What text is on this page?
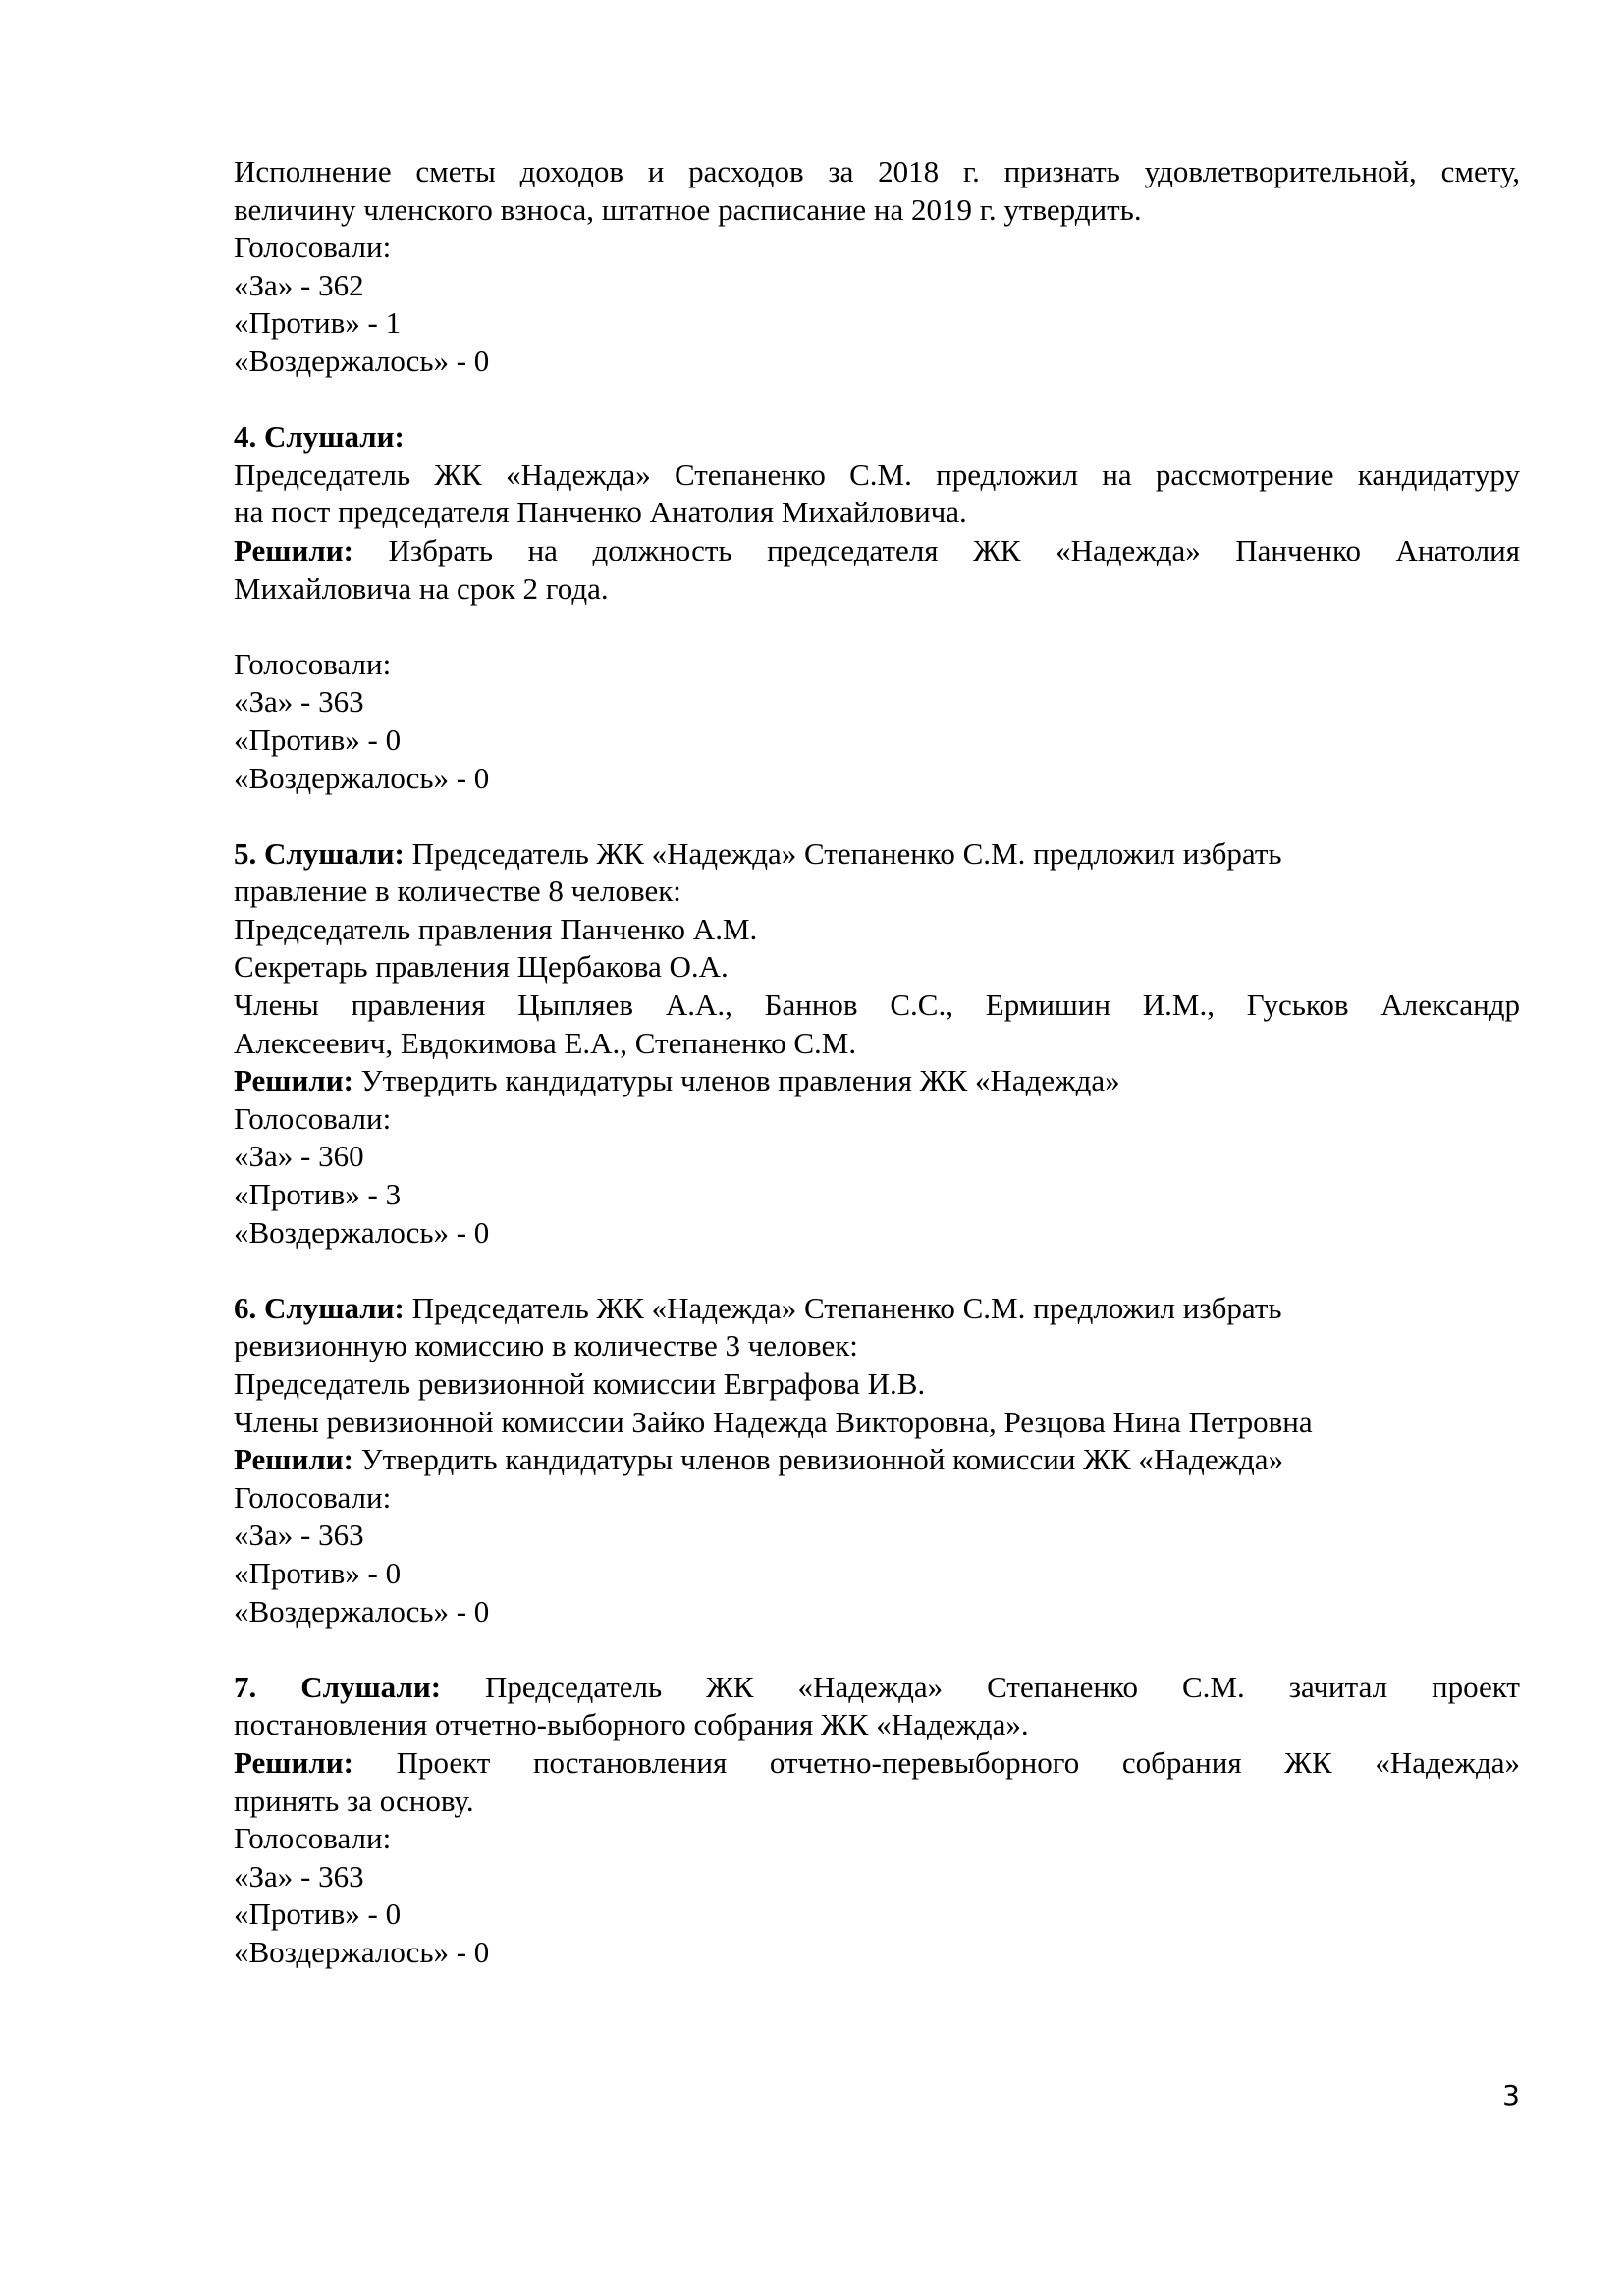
Исполнение сметы доходов и расходов за 2018 г. признать удовлетворительной, смету,
величину членского взноса, штатное расписание на 2019 г. утвердить.
Голосовали:
«За» - 362
«Против» - 1
«Воздержалось» - 0
4. Слушали:
Председатель ЖК «Надежда» Степаненко С.М. предложил на рассмотрение кандидатуру
на пост председателя Панченко Анатолия Михайловича.
Решили: Избрать на должность председателя ЖК «Надежда» Панченко Анатолия
Михайловича на срок 2 года.
Голосовали:
«За» - 363
«Против» - 0
«Воздержалось» - 0
5. Слушали: Председатель ЖК «Надежда» Степаненко С.М. предложил избрать
правление в количестве 8 человек:
Председатель правления Панченко А.М.
Секретарь правления Щербакова О.А.
Члены правления Цыпляев А.А., Баннов С.С., Ермишин И.М., Гуськов Александр
Алексеевич, Евдокимова Е.А., Степаненко С.М.
Решили: Утвердить кандидатуры членов правления ЖК «Надежда»
Голосовали:
«За» - 360
«Против» - 3
«Воздержалось» - 0
6. Слушали: Председатель ЖК «Надежда» Степаненко С.М. предложил избрать
ревизионную комиссию в количестве 3 человек:
Председатель ревизионной комиссии Евграфова И.В.
Члены ревизионной комиссии Зайко Надежда Викторовна, Резцова Нина Петровна
Решили: Утвердить кандидатуры членов ревизионной комиссии ЖК «Надежда»
Голосовали:
«За» - 363
«Против» - 0
«Воздержалось» - 0
7. Слушали: Председатель ЖК «Надежда» Степаненко С.М. зачитал проект
постановления отчетно-выборного собрания ЖК «Надежда».
Решили: Проект постановления отчетно-перевыборного собрания ЖК «Надежда»
принять за основу.
Голосовали:
«За» - 363
«Против» - 0
«Воздержалось» - 0
3
